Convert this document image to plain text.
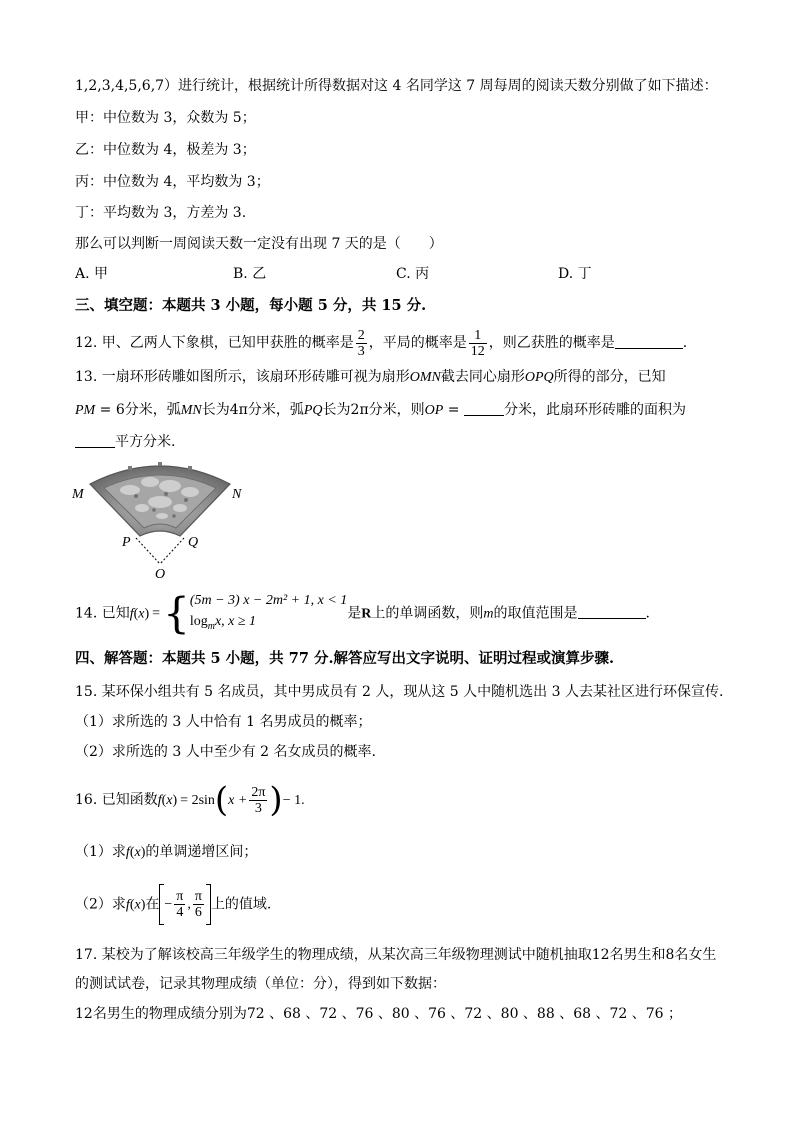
1,2,3,4,5,6,7）进行统计，根据统计所得数据对这 4 名同学这 7 周每周的阅读天数分别做了如下描述：
甲：中位数为 3，众数为 5；
乙：中位数为 4，极差为 3；
丙：中位数为 4，平均数为 3；
丁：平均数为 3，方差为 3.
那么可以判断一周阅读天数一定没有出现 7 天的是（　　）
A. 甲	B. 乙	C. 丙	D. 丁
三、填空题：本题共 3 小题，每小题 5 分，共 15 分.
12. 甲、乙两人下象棋，已知甲获胜的概率是 $\frac{2}{3}$ ，平局的概率是 $\frac{1}{12}$ ，则乙获胜的概率是	.
13. 一扇环形砖雕如图所示，该扇环形砖雕可视为扇形OMN截去同心扇形OPQ所得的部分，已知
PM = 6分米，弧MN长为4π分米，弧PQ长为2π分米，则OP =	分米，此扇环形砖雕的面积为
平方分米.
M	N
P	Q
O
14. 已知f(x) ={ (5m − 3) x − 2m² + 1, x < 1
$\log_mx$, x ≥ 1
是R上的单调函数，则m的取值范围是	.
四、解答题：本题共 5 小题，共 77 分.解答应写出文字说明、证明过程或演算步骤.
15. 某环保小组共有 5 名成员，其中男成员有 2 人，现从这 5 人中随机选出 3 人去某社区进行环保宣传.
（1）求所选的 3 人中恰有 1 名男成员的概率；
（2）求所选的 3 人中至少有 2 名女成员的概率.
16. 已知函数$f(x) = 2\sin(x + \frac{2\pi}{3}$ )− 1.
（1）求f(x)的单调递增区间；
（2）求f(x)在 − $\frac{\pi}{4}$ , $\frac{\pi}{6}$ 上的值域.
17. 某校为了解该校高三年级学生的物理成绩，从某次高三年级物理测试中随机抽取12名男生和8名女生
的测试试卷，记录其物理成绩（单位：分），得到如下数据：
12名男生的物理成绩分别为72 、68 、72 、76 、80 、76 、72 、80 、88 、68 、72 、76 ；
